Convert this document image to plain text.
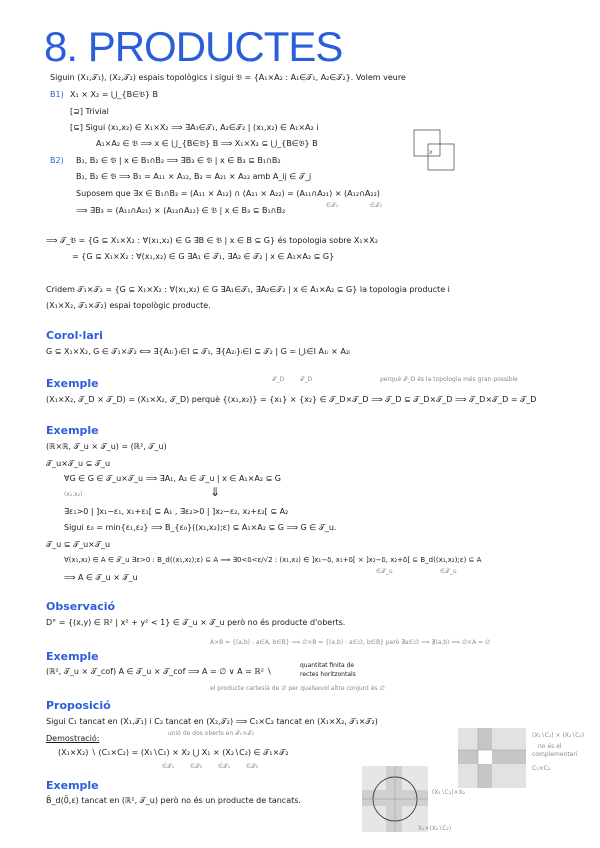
8. PRODUCTES
Siguin (X₁,𝒯₁), (X₂,𝒯₂) espais topològics i sigui 𝔅 = {A₁×A₂ : A₁∈𝒯₁, A₂∈𝒯₂}. Volem veure
B1) X₁ × X₂ = ⋃_{B∈𝔅} B
[⊇] Trivial
[⊆] Sigui (x₁,x₂) ∈ X₁×X₂ ⟹ ∃A₁∈𝒯₁, A₂∈𝒯₂ | (x₁,x₂) ∈ A₁×A₂ i
A₁×A₂ ∈ 𝔅 ⟹ x ∈ ⋃_{B∈𝔅} B ⟹ X₁×X₂ ⊆ ⋃_{B∈𝔅} B
x
B2) B₁, B₂ ∈ 𝔅 | x ∈ B₁∩B₂ ⟹ ∃B₃ ∈ 𝔅 | x ∈ B₃ ⊆ B₁∩B₂
B₁, B₂ ∈ 𝔅 ⟹ B₁ = A₁₁ × A₁₂, B₂ = A₂₁ × A₂₂ amb A_ij ∈ 𝒯_j
Suposem que ∃x ∈ B₁∩B₂ = (A₁₁ × A₁₂) ∩ (A₂₁ × A₂₂) = (A₁₁∩A₂₁) × (A₁₂∩A₂₂)
∈𝒯₁	∈𝒯₂
⟹ ∃B₃ = (A₁₁∩A₂₁) × (A₁₂∩A₂₂) ∈ 𝔅 | x ∈ B₃ ⊆ B₁∩B₂
⟹ 𝒯_𝔅 = {G ⊆ X₁×X₂ : ∀(x₁,x₂) ∈ G ∃B ∈ 𝔅 | x ∈ B ⊆ G} és topologia sobre X₁×X₂
= {G ⊆ X₁×X₂ : ∀(x₁,x₂) ∈ G ∃A₁ ∈ 𝒯₁, ∃A₂ ∈ 𝒯₂ | x ∈ A₁×A₂ ⊆ G}
Cridem 𝒯₁×𝒯₂ = {G ⊆ X₁×X₂ : ∀(x₁,x₂) ∈ G ∃A₁∈𝒯₁, ∃A₂∈𝒯₂ | x ∈ A₁×A₂ ⊆ G} la topologia producte i
(X₁×X₂, 𝒯₁×𝒯₂) espai topològic producte.
Corol·lari
G ⊆ X₁×X₂, G ∈ 𝒯₁×𝒯₂ ⟺ ∃{A₁ᵢ}ᵢ∈I ⊆ 𝒯₁, ∃{A₂ᵢ}ᵢ∈I ⊆ 𝒯₂ | G = ⋃ᵢ∈I A₁ᵢ × A₂ᵢ
𝒯_D	𝒯_D	perquè 𝒯_D és la topologia més gran possible
Exemple
(X₁×X₂, 𝒯_D × 𝒯_D) = (X₁×X₂, 𝒯_D) perquè {(x₁,x₂)} = {x₁} × {x₂} ∈ 𝒯_D×𝒯_D ⟹ 𝒯_D ⊆ 𝒯_D×𝒯_D ⟹ 𝒯_D×𝒯_D = 𝒯_D
Exemple
(ℝ×ℝ, 𝒯_u × 𝒯_u) = (ℝ², 𝒯_u)
𝒯_u×𝒯_u ⊆ 𝒯_u
∀G ∈ G ∈ 𝒯_u×𝒯_u ⟹ ∃A₁, A₂ ∈ 𝒯_u | x ∈ A₁×A₂ ⊆ G
⇓
(x₁,x₂)
∃ε₁>0 | ]x₁−ε₁, x₁+ε₁[ ⊆ A₁ , ∃ε₂>0 | ]x₂−ε₂, x₂+ε₂[ ⊆ A₂
Sigui ε₀ = min{ε₁,ε₂} ⟹ B_{ε₀}((x₁,x₂);ε) ⊆ A₁×A₂ ⊆ G ⟹ G ∈ 𝒯_u.
𝒯_u ⊆ 𝒯_u×𝒯_u
∀(x₁,x₂) ∈ A ∈ 𝒯_u ∃ε>0 : B_d((x₁,x₂);ε) ⊆ A ⟹ ∃0<δ<ε/√2 : (x₁,x₂) ∈ ]x₁−δ, x₁+δ[ × ]x₂−δ, x₂+δ[ ⊆ B_d((x₁,x₂);ε) ⊆ A
∈𝒯_u	∈𝒯_u
⟹ A ∈ 𝒯_u × 𝒯_u
Observació
D° = {(x,y) ∈ ℝ² | x² + y² < 1} ∈ 𝒯_u × 𝒯_u però no és producte d'oberts.
A×B = {(a,b) : a∈A, b∈B} ⟹ ∅×B = {(a,b) : a∈∅, b∈B} però ∄a∈∅ ⟹ ∄(a,b) ⟹ ∅×A = ∅
Exemple
(ℝ², 𝒯_u × 𝒯_cof) A ∈ 𝒯_u × 𝒯_cof ⟹ A = ∅ ∨ A = ℝ² ∖
quantitat finita de
rectes horitzontals
el producte cartesià de ∅ per qualsevol altre conjunt és ∅
Proposició
Sigui C₁ tancat en (X₁,𝒯₁) i C₂ tancat en (X₂,𝒯₂) ⟹ C₁×C₂ tancat en (X₁×X₂, 𝒯₁×𝒯₂)
Demostració:
unió de dos oberts en 𝒯₁×𝒯₂
(X₁×X₂) ∖ (C₁×C₂) = (X₁∖C₁) × X₂ ⋃ X₁ × (X₂∖C₂) ∈ 𝒯₁×𝒯₂
∈𝒯₁	∈𝒯₂	∈𝒯₁	∈𝒯₂
(X₁∖C₁) × (X₂∖C₂)
no és el
complementari
C₁×C₂
Exemple
B̄_d(0̄,ε) tancat en (ℝ², 𝒯_u) però no és un producte de tancats.
(X₁∖C₁)×X₂
X₁×(X₂∖C₂)
